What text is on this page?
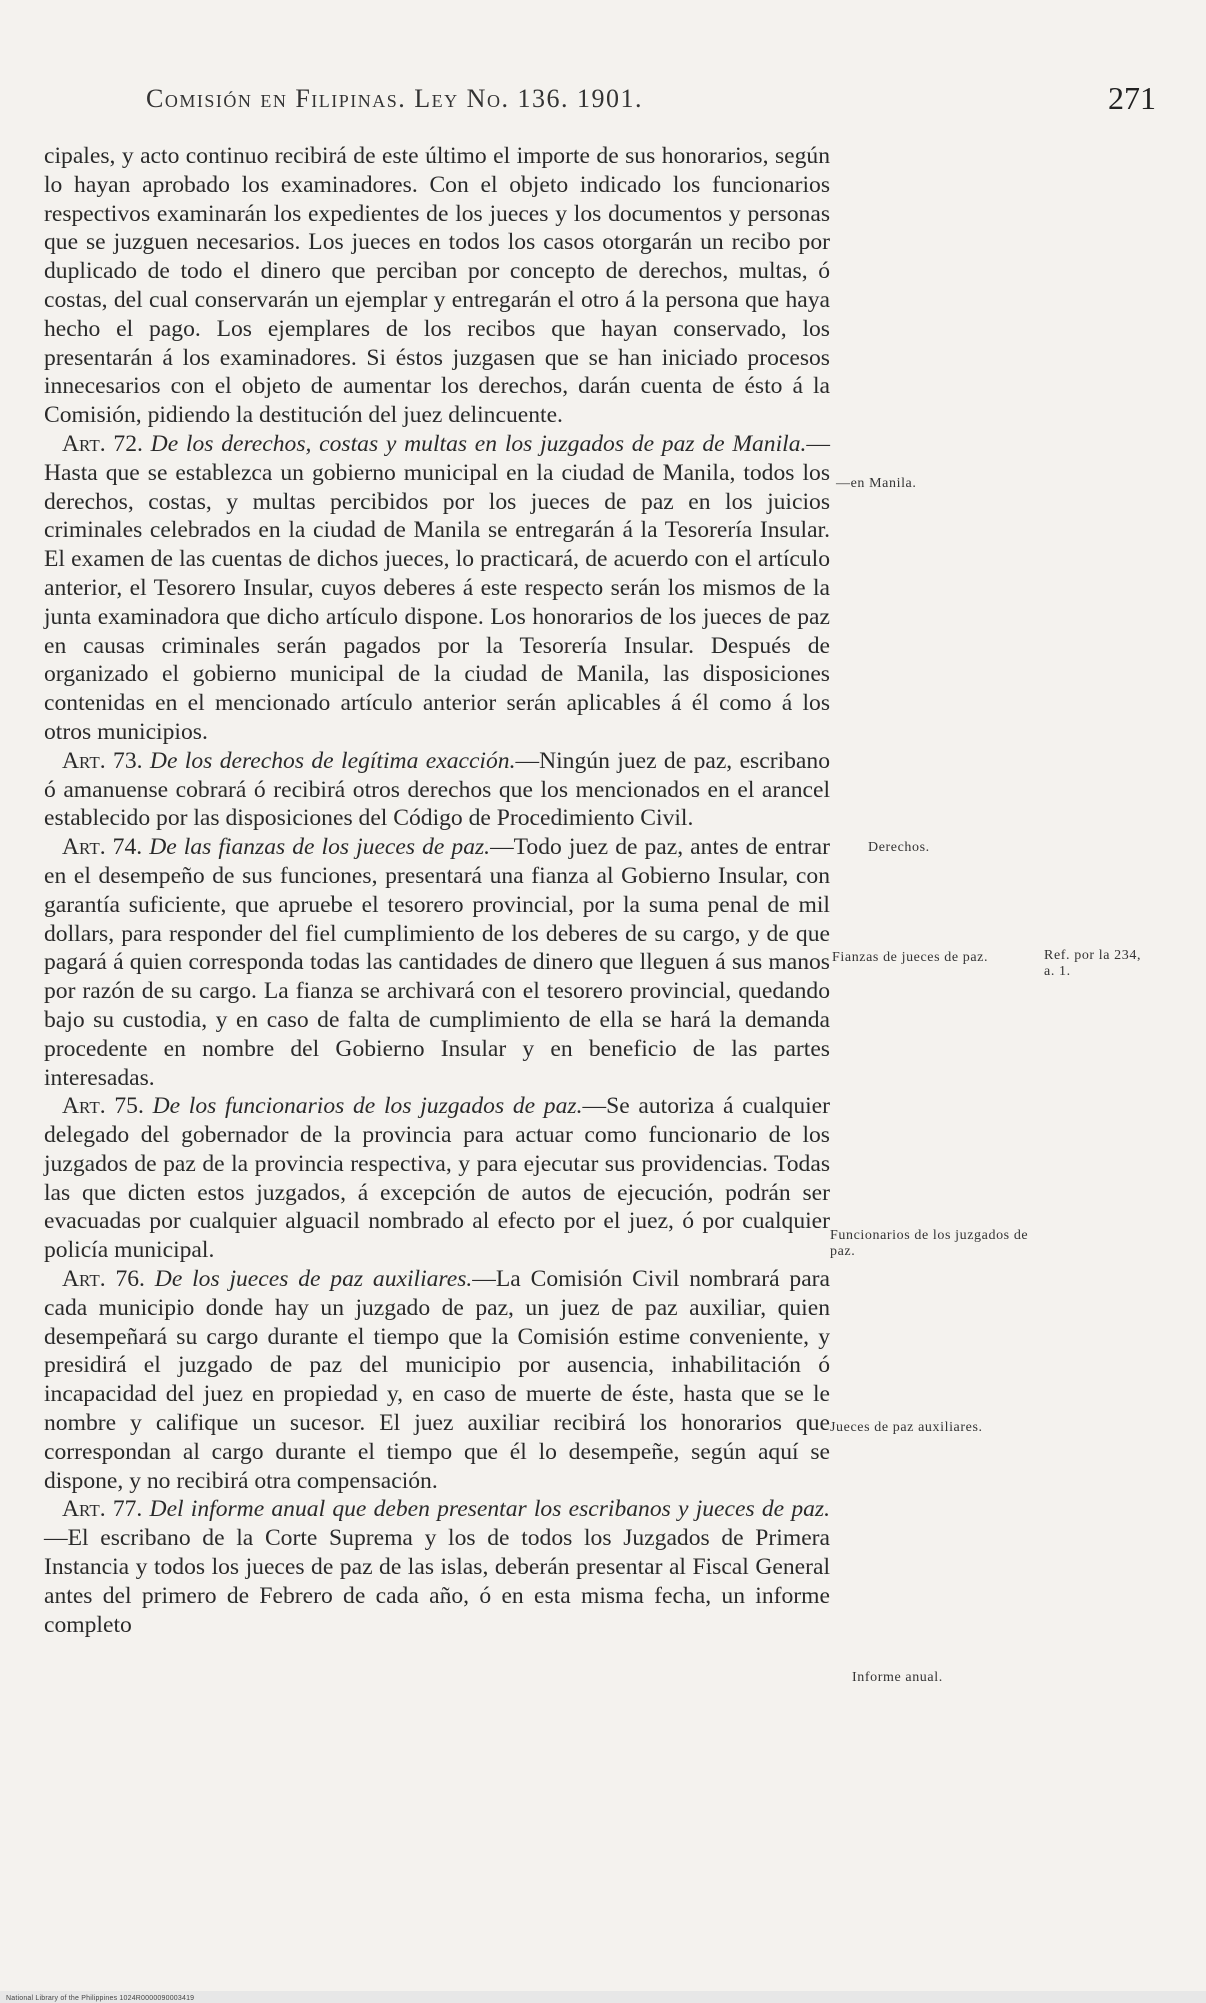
Comisión en Filipinas. Ley No. 136. 1901.	271

cipales, y acto continuo recibirá de este último el importe de sus honorarios, según lo hayan aprobado los examinadores. Con el objeto indicado los funcionarios respectivos examinarán los expedientes de los jueces y los documentos y personas que se juzguen necesarios. Los jueces en todos los casos otorgarán un recibo por duplicado de todo el dinero que perciban por concepto de derechos, multas, ó costas, del cual conservarán un ejemplar y entregarán el otro á la persona que haya hecho el pago. Los ejemplares de los recibos que hayan conservado, los presentarán á los examinadores. Si éstos juzgasen que se han iniciado procesos innecesarios con el objeto de aumentar los derechos, darán cuenta de ésto á la Comisión, pidiendo la destitución del juez delincuente.

Art. 72. De los derechos, costas y multas en los juzgados de paz de Manila.—Hasta que se establezca un gobierno municipal en la ciudad de Manila, todos los derechos, costas, y multas percibidos por los jueces de paz en los juicios criminales celebrados en la ciudad de Manila se entregarán á la Tesorería Insular. El examen de las cuentas de dichos jueces, lo practicará, de acuerdo con el artículo anterior, el Tesorero Insular, cuyos deberes á este respecto serán los mismos de la junta examinadora que dicho artículo dispone. Los honorarios de los jueces de paz en causas criminales serán pagados por la Tesorería Insular. Después de organizado el gobierno municipal de la ciudad de Manila, las disposiciones contenidas en el mencionado artículo anterior serán aplicables á él como á los otros municipios.

Art. 73. De los derechos de legítima exacción.—Ningún juez de paz, escribano ó amanuense cobrará ó recibirá otros derechos que los mencionados en el arancel establecido por las disposiciones del Código de Procedimiento Civil.

Art. 74. De las fianzas de los jueces de paz.—Todo juez de paz, antes de entrar en el desempeño de sus funciones, presentará una fianza al Gobierno Insular, con garantía suficiente, que apruebe el tesorero provincial, por la suma penal de mil dollars, para responder del fiel cumplimiento de los deberes de su cargo, y de que pagará á quien corresponda todas las cantidades de dinero que lleguen á sus manos por razón de su cargo. La fianza se archivará con el tesorero provincial, quedando bajo su custodia, y en caso de falta de cumplimiento de ella se hará la demanda procedente en nombre del Gobierno Insular y en beneficio de las partes interesadas.

Art. 75. De los funcionarios de los juzgados de paz.—Se autoriza á cualquier delegado del gobernador de la provincia para actuar como funcionario de los juzgados de paz de la provincia respectiva, y para ejecutar sus providencias. Todas las que dicten estos juzgados, á excepción de autos de ejecución, podrán ser evacuadas por cualquier alguacil nombrado al efecto por el juez, ó por cualquier policía municipal.

Art. 76. De los jueces de paz auxiliares.—La Comisión Civil nombrará para cada municipio donde hay un juzgado de paz, un juez de paz auxiliar, quien desempeñará su cargo durante el tiempo que la Comisión estime conveniente, y presidirá el juzgado de paz del municipio por ausencia, inhabilitación ó incapacidad del juez en propiedad y, en caso de muerte de éste, hasta que se le nombre y califique un sucesor. El juez auxiliar recibirá los honorarios que correspondan al cargo durante el tiempo que él lo desempeñe, según aquí se dispone, y no recibirá otra compensación.

Art. 77. Del informe anual que deben presentar los escribanos y jueces de paz.—El escribano de la Corte Suprema y los de todos los Juzgados de Primera Instancia y todos los jueces de paz de las islas, deberán presentar al Fiscal General antes del primero de Febrero de cada año, ó en esta misma fecha, un informe completo

—en Manila.
Derechos.
Fianzas de jueces de paz.	Ref. por la 234, a. 1.
Funcionarios de los juzgados de paz.
Jueces de paz auxiliares.
Informe anual.
National Library of the Philippines 1024R0000090003419
